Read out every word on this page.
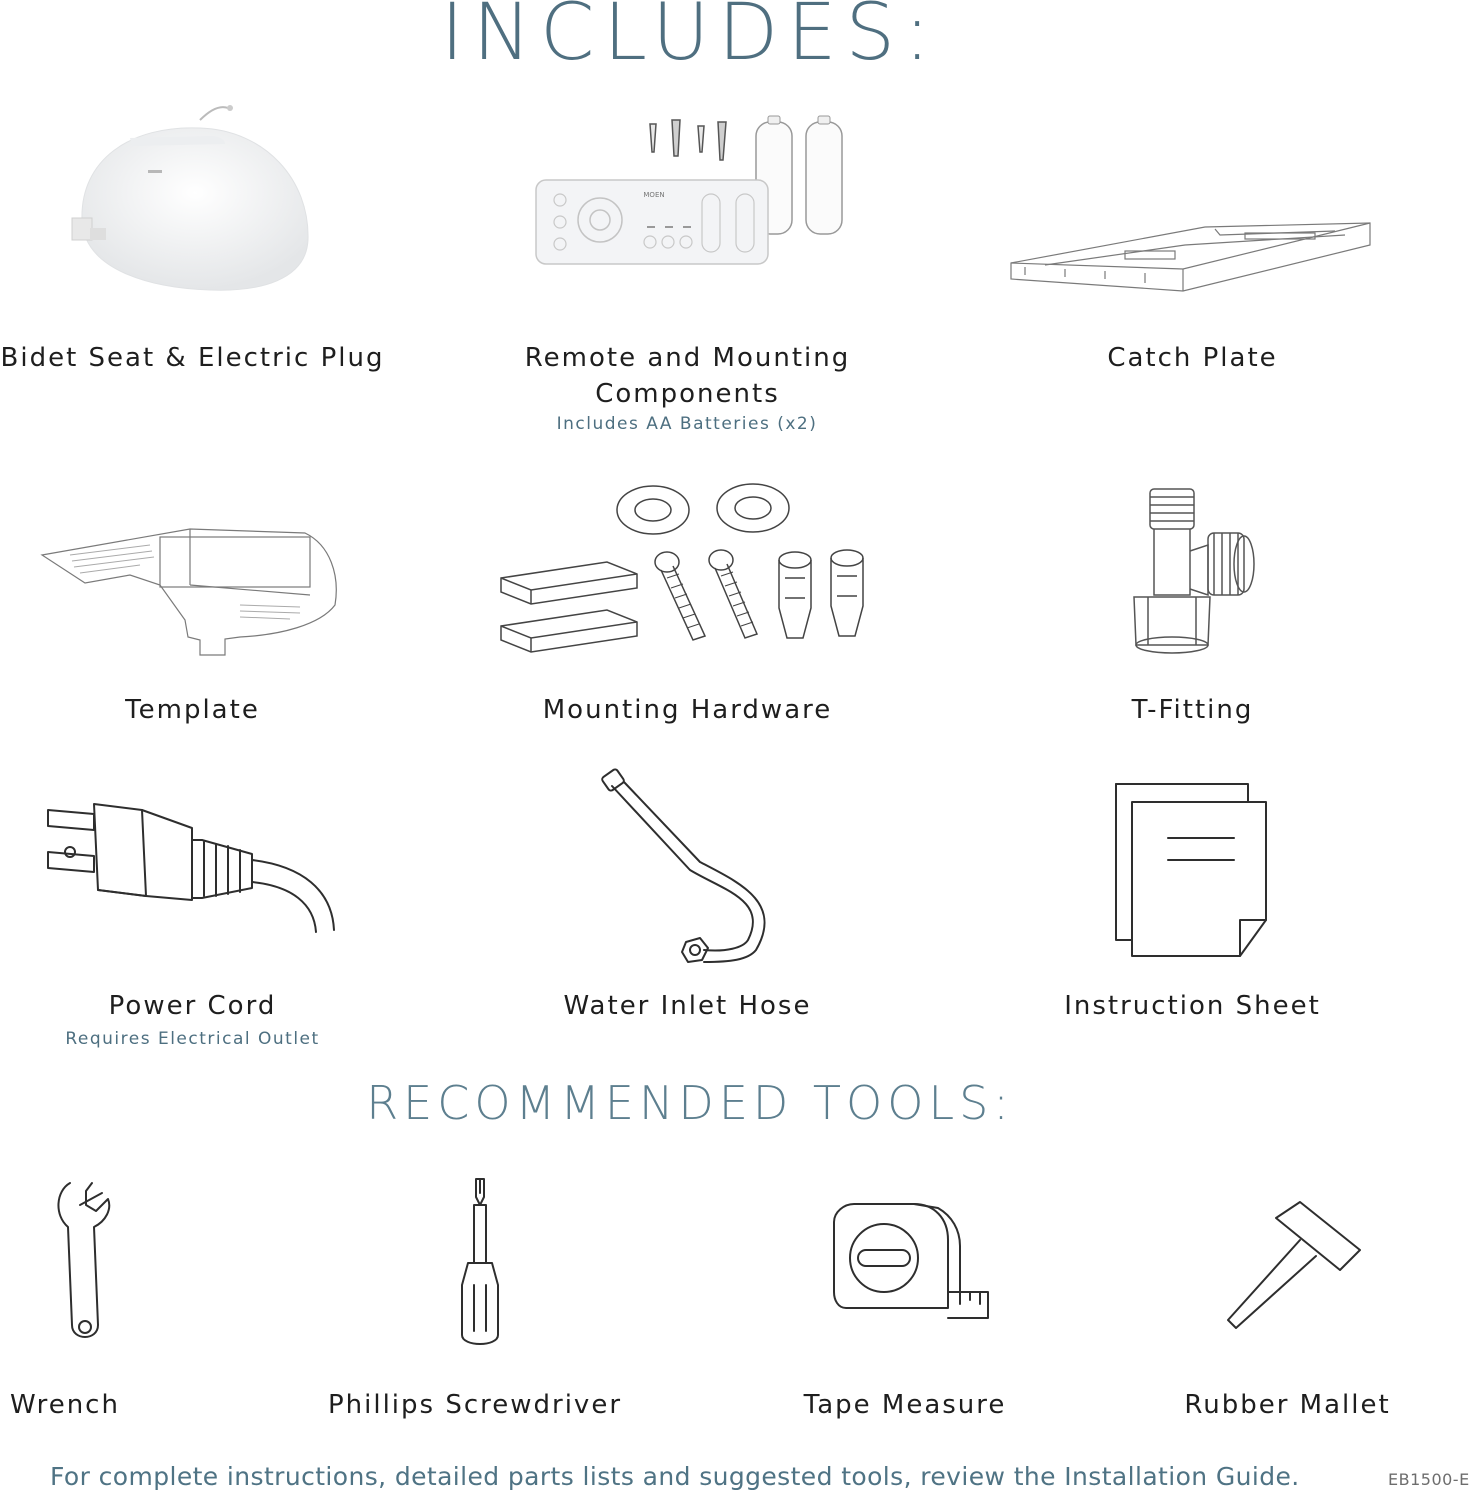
INCLUDES:
MOEN
Bidet Seat & Electric Plug	Remote and Mounting Components
Includes AA Batteries (x2)
Catch Plate
Template	Mounting Hardware	T-Fitting
Power Cord
Requires Electrical Outlet
Water Inlet Hose	Instruction Sheet
RECOMMENDED TOOLS:
Wrench	Phillips Screwdriver	Tape Measure	Rubber Mallet
For complete instructions, detailed parts lists and suggested tools, review the Installation Guide.	EB1500-E
